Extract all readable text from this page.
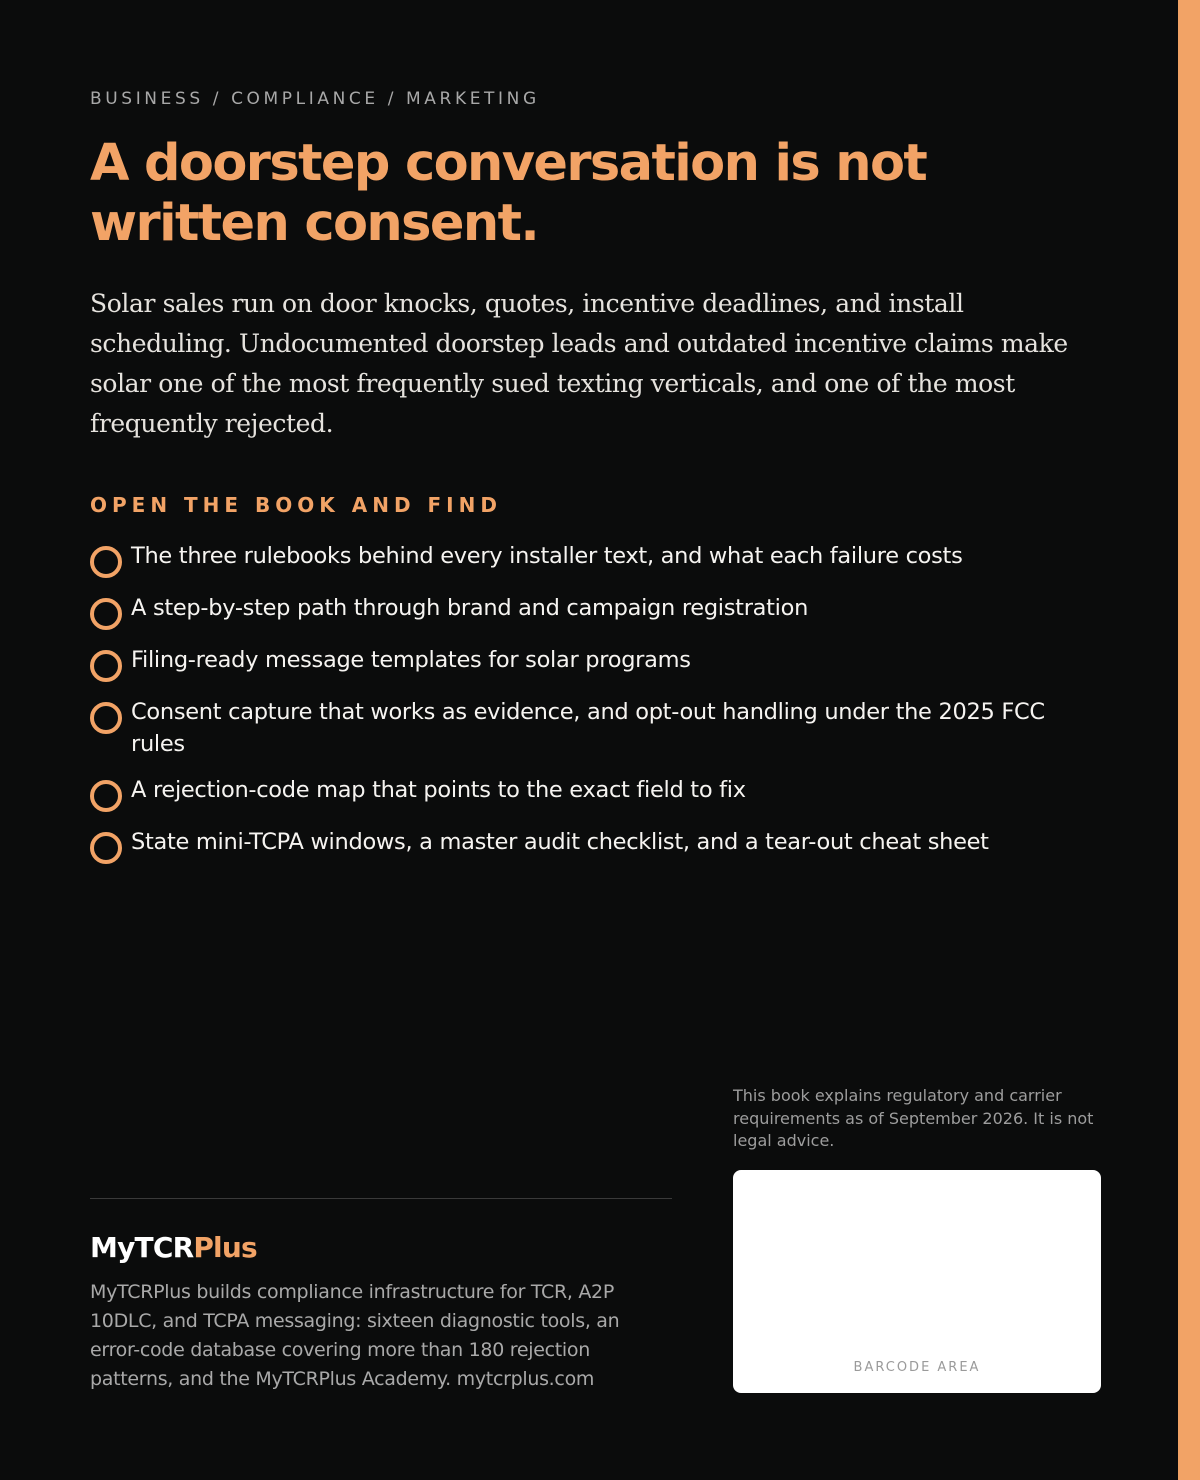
BUSINESS / COMPLIANCE / MARKETING

A doorstep conversation is not written consent.

Solar sales run on door knocks, quotes, incentive deadlines, and install scheduling. Undocumented doorstep leads and outdated incentive claims make solar one of the most frequently sued texting verticals, and one of the most frequently rejected.

OPEN THE BOOK AND FIND
The three rulebooks behind every installer text, and what each failure costs
A step-by-step path through brand and campaign registration
Filing-ready message templates for solar programs
Consent capture that works as evidence, and opt-out handling under the 2025 FCC rules
A rejection-code map that points to the exact field to fix
State mini-TCPA windows, a master audit checklist, and a tear-out cheat sheet

This book explains regulatory and carrier requirements as of September 2026. It is not legal advice.

BARCODE AREA

MyTCRPlus

MyTCRPlus builds compliance infrastructure for TCR, A2P 10DLC, and TCPA messaging: sixteen diagnostic tools, an error-code database covering more than 180 rejection patterns, and the MyTCRPlus Academy. mytcrplus.com
